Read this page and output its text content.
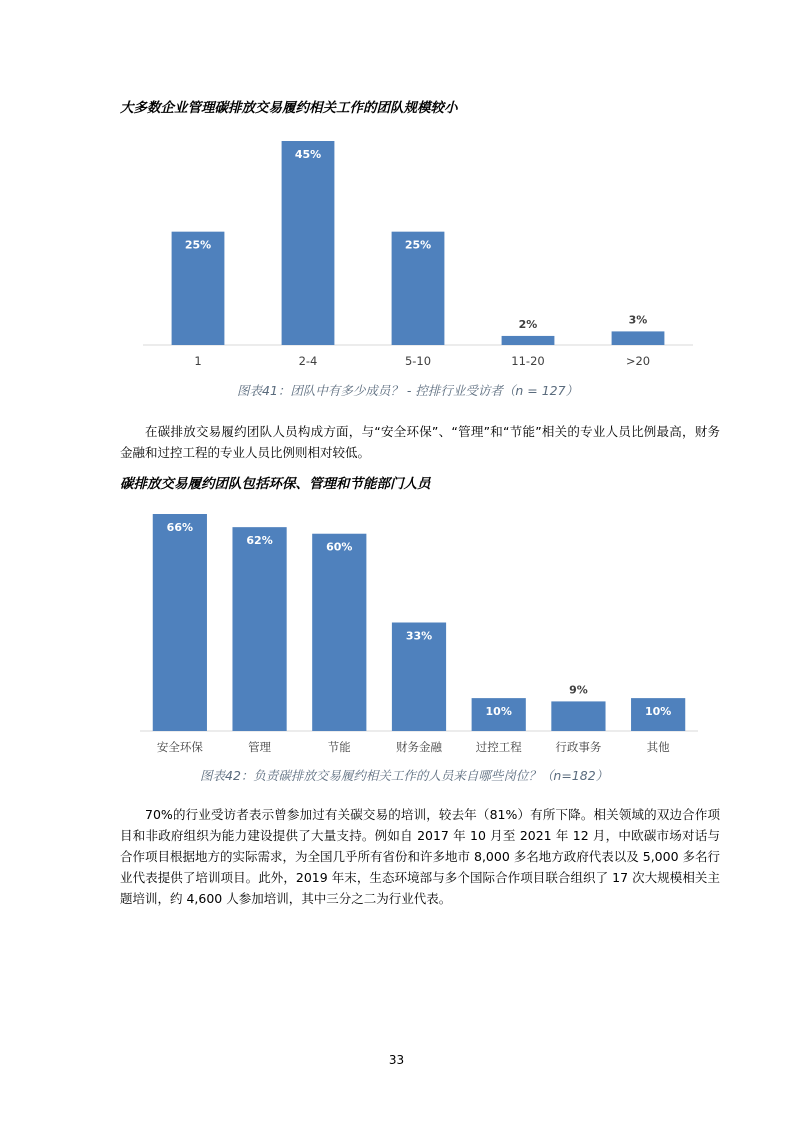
大多数企业管理碳排放交易履约相关工作的团队规模较小
25%
1
45%
2-4
25%
5-10
2%
11-20
3%
>20
图表41：团队中有多少成员？ - 控排行业受访者（n = 127）

在碳排放交易履约团队人员构成方面，与“安全环保”、“管理”和“节能”相关的专业人员比例最高，财务金融和过控工程的专业人员比例则相对较低。

碳排放交易履约团队包括环保、管理和节能部门人员
66%
安全环保
62%
管理
60%
节能
33%
财务金融
10%
过控工程
9%
行政事务
10%
其他
图表42：负责碳排放交易履约相关工作的人员来自哪些岗位？（n=182）

70%的行业受访者表示曾参加过有关碳交易的培训，较去年（81%）有所下降。相关领域的双边合作项目和非政府组织为能力建设提供了大量支持。例如自 2017 年 10 月至 2021 年 12 月，中欧碳市场对话与合作项目根据地方的实际需求，为全国几乎所有省份和许多地市 8,000 多名地方政府代表以及 5,000 多名行业代表提供了培训项目。此外，2019 年末，生态环境部与多个国际合作项目联合组织了 17 次大规模相关主题培训，约 4,600 人参加培训，其中三分之二为行业代表。

33
